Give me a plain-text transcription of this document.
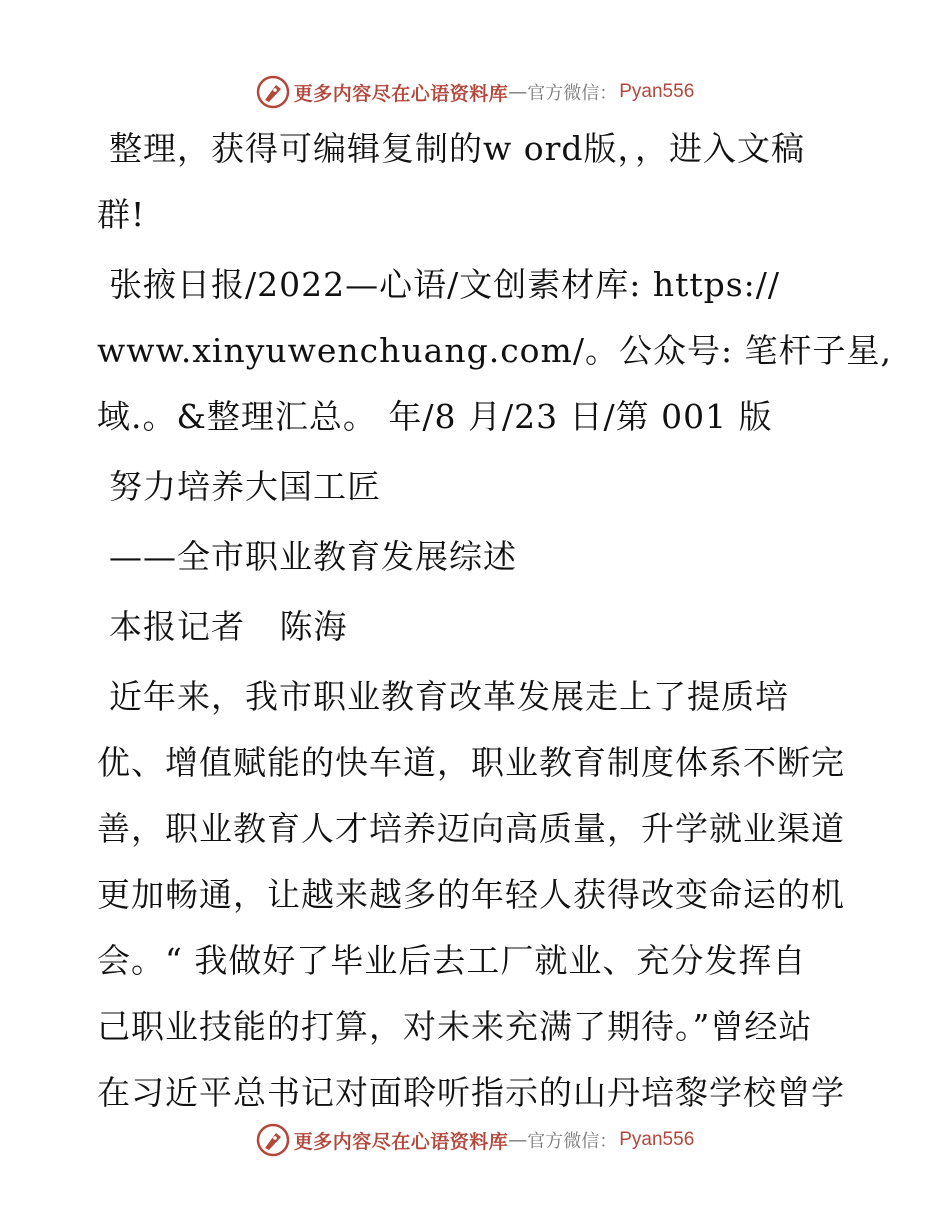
更多内容尽在心语资料库 — 官方微信： Pyan556
整理，获得可编辑复制的w ord版，，进入文稿
群!
张掖日报/2022—心语/文创素材库: https://
www.xinyuwenchuang.com/。公众号: 笔杆子星,
域.。&整理汇总。 年/8 月/23 日/第 001 版
努力培养大国工匠
——全市职业教育发展综述
本报记者   陈海
近年来，我市职业教育改革发展走上了提质培
优、增值赋能的快车道，职业教育制度体系不断完
善，职业教育人才培养迈向高质量，升学就业渠道
更加畅通，让越来越多的年轻人获得改变命运的机
会。“ 我做好了毕业后去工厂就业、充分发挥自
己职业技能的打算，对未来充满了期待。”曾经站
在习近平总书记对面聆听指示的山丹培黎学校曾学
更多内容尽在心语资料库 — 官方微信： Pyan556
